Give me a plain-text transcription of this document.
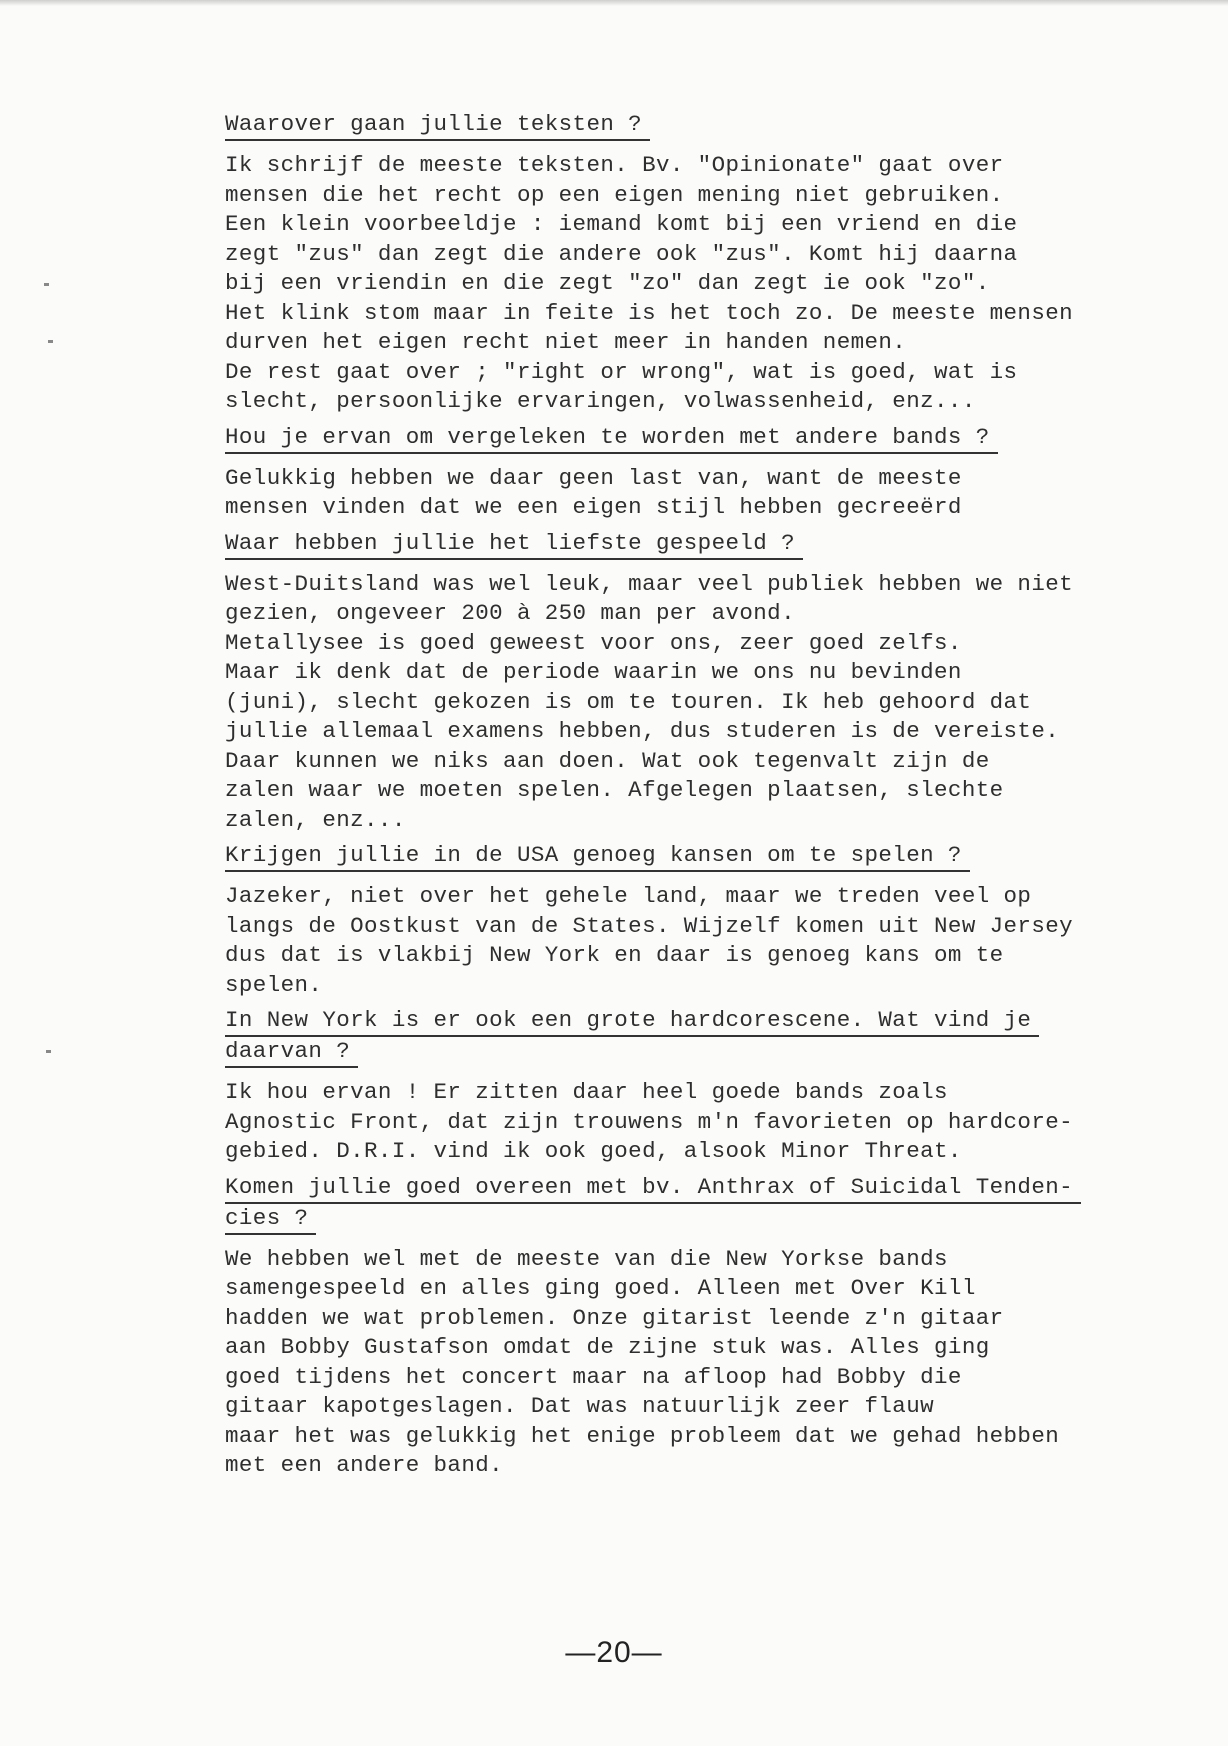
Waarover gaan jullie teksten ?
Ik schrijf de meeste teksten. Bv. "Opinionate" gaat over
mensen die het recht op een eigen mening niet gebruiken.
Een klein voorbeeldje : iemand komt bij een vriend en die
zegt "zus" dan zegt die andere ook "zus". Komt hij daarna
bij een vriendin en die zegt "zo" dan zegt ie ook "zo".
Het klink stom maar in feite is het toch zo. De meeste mensen
durven het eigen recht niet meer in handen nemen.
De rest gaat over ; "right or wrong", wat is goed, wat is
slecht, persoonlijke ervaringen, volwassenheid, enz...
Hou je ervan om vergeleken te worden met andere bands ?
Gelukkig hebben we daar geen last van, want de meeste
mensen vinden dat we een eigen stijl hebben gecreeërd
Waar hebben jullie het liefste gespeeld ?
West-Duitsland was wel leuk, maar veel publiek hebben we niet
gezien, ongeveer 200 à 250 man per avond.
Metallysee is goed geweest voor ons, zeer goed zelfs.
Maar ik denk dat de periode waarin we ons nu bevinden
(juni), slecht gekozen is om te touren. Ik heb gehoord dat
jullie allemaal examens hebben, dus studeren is de vereiste.
Daar kunnen we niks aan doen. Wat ook tegenvalt zijn de
zalen waar we moeten spelen. Afgelegen plaatsen, slechte
zalen, enz...
Krijgen jullie in de USA genoeg kansen om te spelen ?
Jazeker, niet over het gehele land, maar we treden veel op
langs de Oostkust van de States. Wijzelf komen uit New Jersey
dus dat is vlakbij New York en daar is genoeg kans om te
spelen.
In New York is er ook een grote hardcorescene. Wat vind je
daarvan ?
Ik hou ervan ! Er zitten daar heel goede bands zoals
Agnostic Front, dat zijn trouwens m'n favorieten op hardcore-
gebied. D.R.I. vind ik ook goed, alsook Minor Threat.
Komen jullie goed overeen met bv. Anthrax of Suicidal Tenden-
cies ?
We hebben wel met de meeste van die New Yorkse bands
samengespeeld en alles ging goed. Alleen met Over Kill
hadden we wat problemen. Onze gitarist leende z'n gitaar
aan Bobby Gustafson omdat de zijne stuk was. Alles ging
goed tijdens het concert maar na afloop had Bobby die
gitaar kapotgeslagen. Dat was natuurlijk zeer flauw
maar het was gelukkig het enige probleem dat we gehad hebben
met een andere band.
—20—
